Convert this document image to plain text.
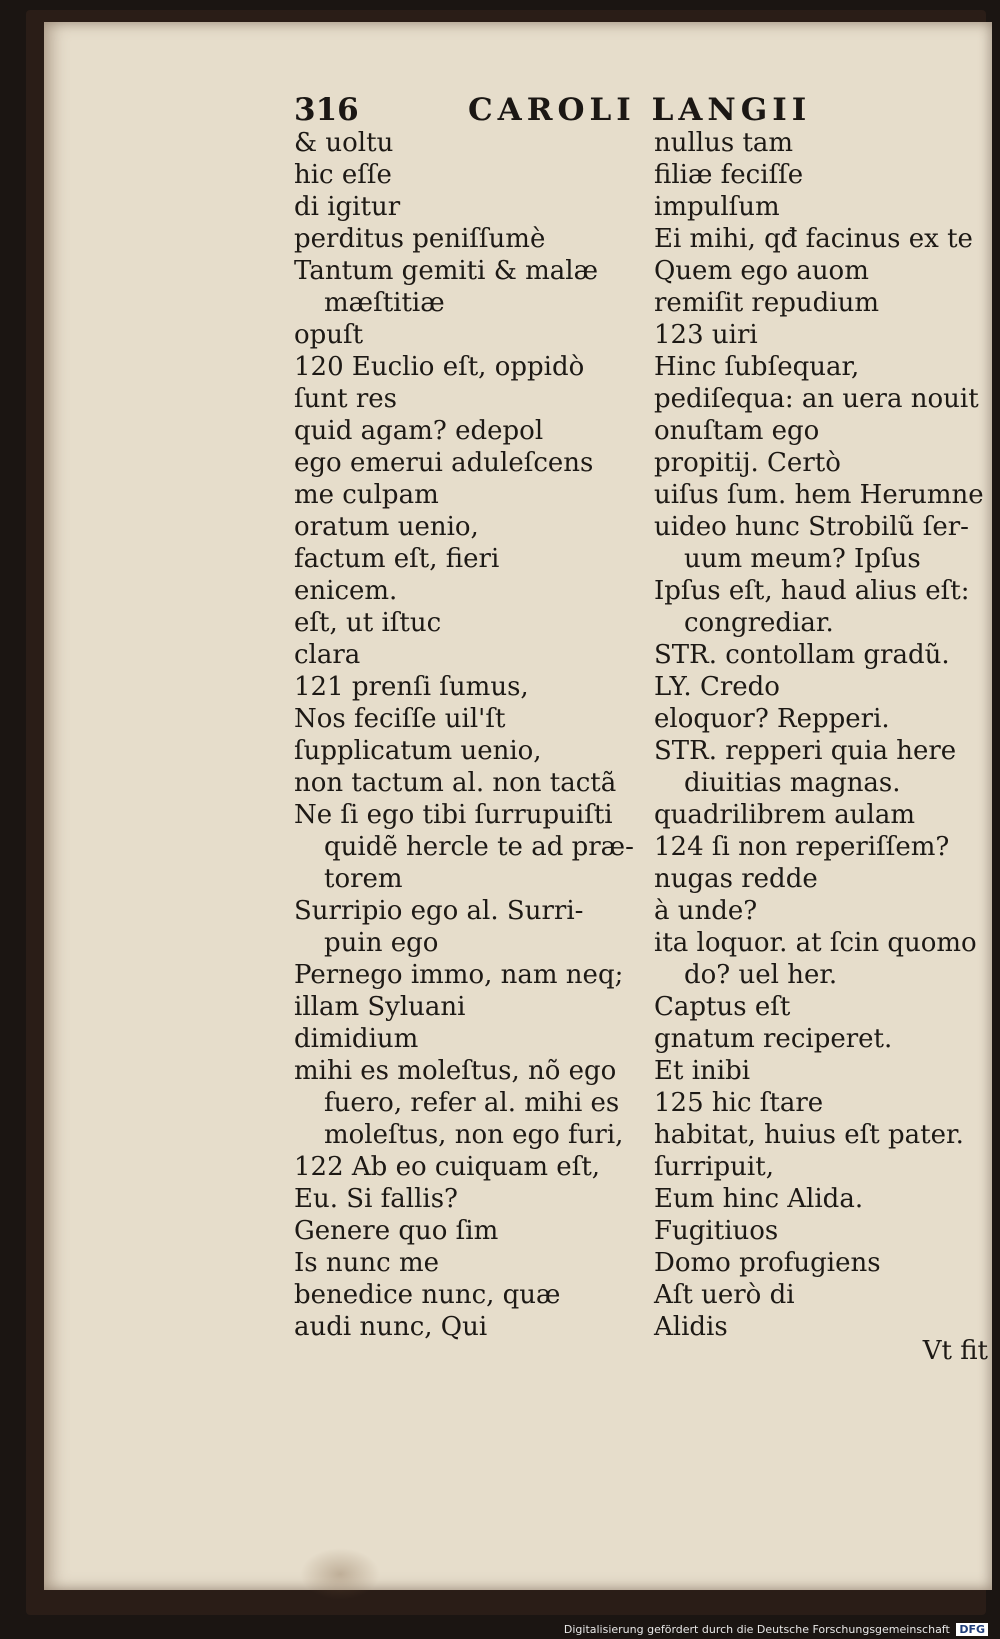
316	CAROLI LANGII
& uoltu
hic eſſe
di igitur
perditus peniſſumè
Tantum gemiti & malæ
mæſtitiæ
opuſt
120 Euclio eſt, oppidò
ſunt res
quid agam? edepol
ego emerui aduleſcens
me culpam
oratum uenio,
factum eſt, fieri
enicem.
eſt, ut iſtuc
clara
121 prenſi ſumus,
Nos feciſſe uil'ſt
ſupplicatum uenio,
non tactum al. non tactã
Ne ſi ego tibi ſurrupuiſti
quidẽ hercle te ad præ-
torem
Surripio ego al. Surri-
puin ego
Pernego immo, nam neq;
illam Syluani
dimidium
mihi es moleſtus, nõ ego
fuero, refer al. mihi es
moleſtus, non ego furi,
122 Ab eo cuiquam eſt,
Eu. Si fallis?
Genere quo ſim
Is nunc me
benedice nunc, quæ
audi nunc, Qui
nullus tam
filiæ feciſſe
impulſum
Ei mihi, qđ facinus ex te
Quem ego auom
remiſit repudium
123 uiri
Hinc ſubſequar,
pediſequa: an uera nouit
onuſtam ego
propitij. Certò
uiſus ſum. hem Herumne
uideo hunc Strobilũ ſer-
uum meum? Ipſus
Ipſus eſt, haud alius eſt:
congrediar.
STR. contollam gradũ.
LY. Credo
eloquor? Repperi.
STR. repperi quia here
diuitias magnas.
quadrilibrem aulam
124 ſi non reperiſſem?
nugas redde
à unde?
ita loquor. at ſcin quomo
do? uel her.
Captus eſt
gnatum reciperet.
Et inibi
125 hic ſtare
habitat, huius eſt pater.
ſurripuit,
Eum hinc Alida.
Fugitiuos
Domo profugiens
Aſt uerò di
Alidis
Vt fit
Digitalisierung gefördert durch die Deutsche Forschungsgemeinschaft DFG
